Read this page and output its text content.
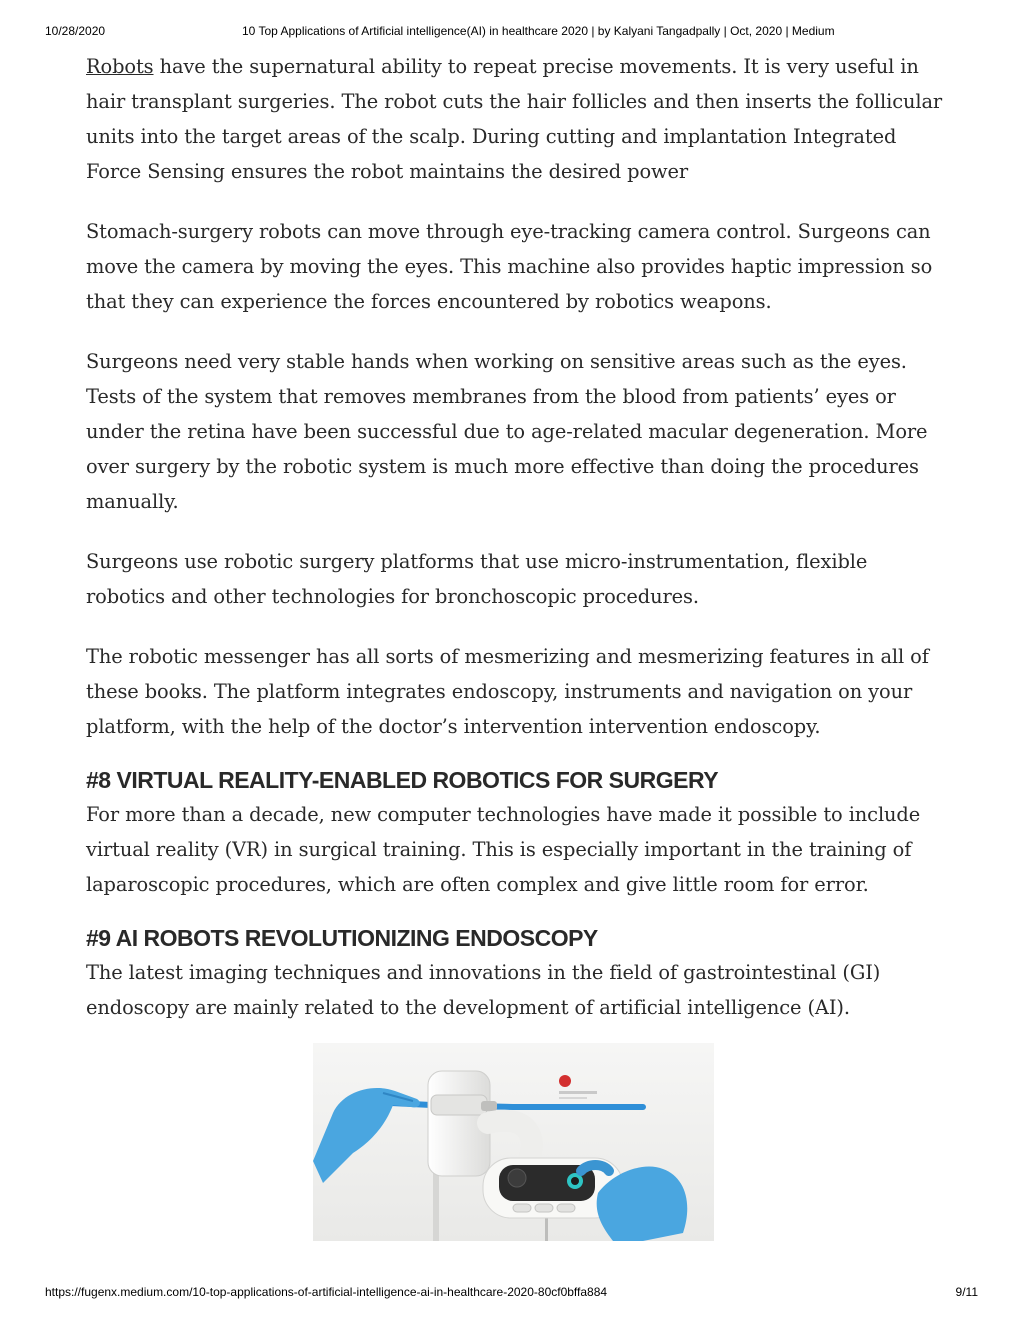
10/28/2020	10 Top Applications of Artificial intelligence(AI) in healthcare 2020 | by Kalyani Tangadpally | Oct, 2020 | Medium

Robots have the supernatural ability to repeat precise movements. It is very useful in hair transplant surgeries. The robot cuts the hair follicles and then inserts the follicular units into the target areas of the scalp. During cutting and implantation Integrated Force Sensing ensures the robot maintains the desired power

Stomach-surgery robots can move through eye-tracking camera control. Surgeons can move the camera by moving the eyes. This machine also provides haptic impression so that they can experience the forces encountered by robotics weapons.

Surgeons need very stable hands when working on sensitive areas such as the eyes. Tests of the system that removes membranes from the blood from patients’ eyes or under the retina have been successful due to age-related macular degeneration. More over surgery by the robotic system is much more effective than doing the procedures manually.

Surgeons use robotic surgery platforms that use micro-instrumentation, flexible robotics and other technologies for bronchoscopic procedures.

The robotic messenger has all sorts of mesmerizing and mesmerizing features in all of these books. The platform integrates endoscopy, instruments and navigation on your platform, with the help of the doctor’s intervention intervention endoscopy.

#8 VIRTUAL REALITY-ENABLED ROBOTICS FOR SURGERY

For more than a decade, new computer technologies have made it possible to include virtual reality (VR) in surgical training. This is especially important in the training of laparoscopic procedures, which are often complex and give little room for error.

#9 AI ROBOTS REVOLUTIONIZING ENDOSCOPY

The latest imaging techniques and innovations in the field of gastrointestinal (GI) endoscopy are mainly related to the development of artificial intelligence (AI).

https://fugenx.medium.com/10-top-applications-of-artificial-intelligence-ai-in-healthcare-2020-80cf0bffa884	9/11
